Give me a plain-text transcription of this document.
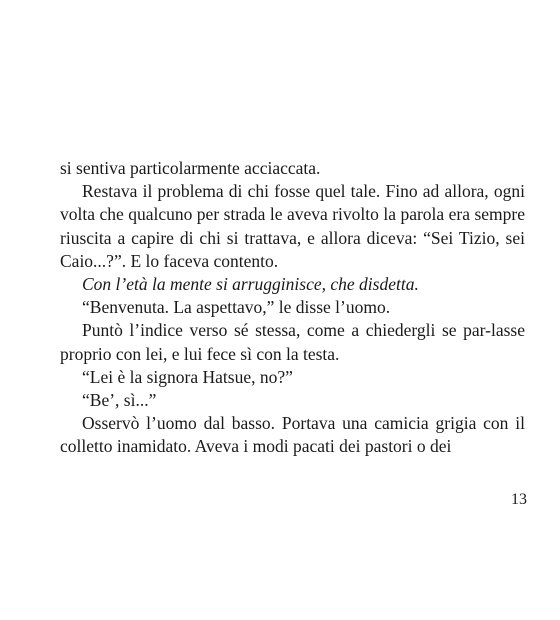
si sentiva particolarmente acciaccata.

Restava il problema di chi fosse quel tale. Fino ad allora, ogni volta che qualcuno per strada le aveva rivolto la parola era sempre riuscita a capire di chi si trattava, e allora diceva: “Sei Tizio, sei Caio...?”. E lo faceva contento.

Con l’età la mente si arrugginisce, che disdetta.

“Benvenuta. La aspettavo,” le disse l’uomo.

Puntò l’indice verso sé stessa, come a chiedergli se par-lasse proprio con lei, e lui fece sì con la testa.

“Lei è la signora Hatsue, no?”

“Be’, sì...”

Osservò l’uomo dal basso. Portava una camicia grigia con il colletto inamidato. Aveva i modi pacati dei pastori o dei

13
